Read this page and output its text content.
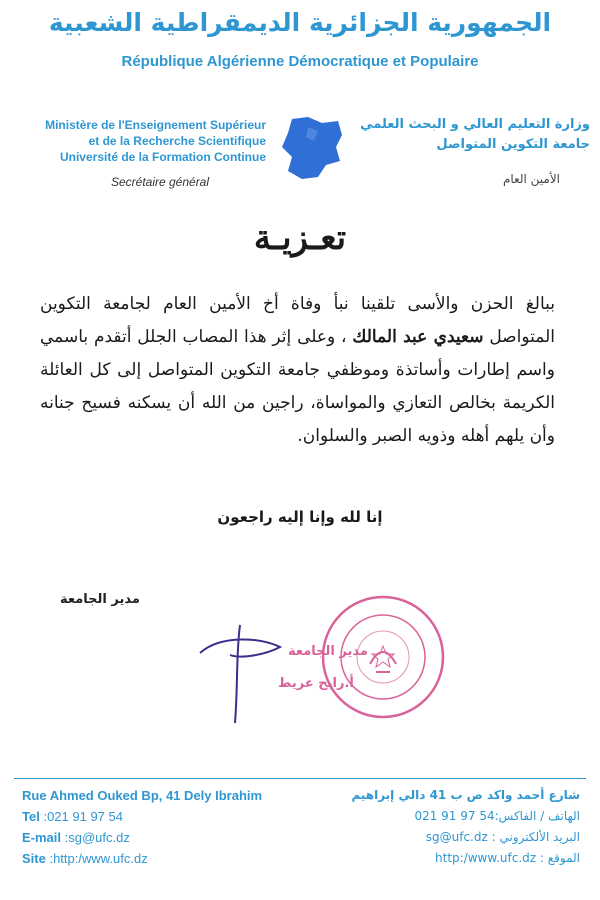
الجمهورية الجزائرية الديمقراطية الشعبية
République Algérienne Démocratique et Populaire
Ministère de l'Enseignement Supérieur
et de la Recherche Scientifique
Université de la Formation Continue
Secrétaire général
وزارة التعليم العالي و البحث العلمي
جامعة التكوين المتواصل
الأمين العام
تعـزيـة

ببالغ الحزن والأسى تلقينا نبأ وفاة أخ الأمين العام لجامعة التكوين المتواصل سعيدي عبد المالك ، وعلى إثر هذا المصاب الجلل أتقدم باسمي واسم إطارات وأساتذة وموظفي جامعة التكوين المتواصل إلى كل العائلة الكريمة بخالص التعازي والمواساة، راجين من الله أن يسكنه فسيح جنانه وأن يلهم أهله وذويه الصبر والسلوان.

إنا لله وإنا إليه راجعون
مدير الجامعة
مدير الجامعة
أ.رابح عريط
Rue Ahmed Ouked Bp, 41 Dely Ibrahim
Tel :021 91 97 54
E-mail :sg@ufc.dz
Site :http:/www.ufc.dz
شارع أحمد واكد ص ب 41 دالي إبراهيم
الهاتف / الفاكس:021 91 97 54
البريد الألكتروني : sg@ufc.dz
الموقع : http:/www.ufc.dz
